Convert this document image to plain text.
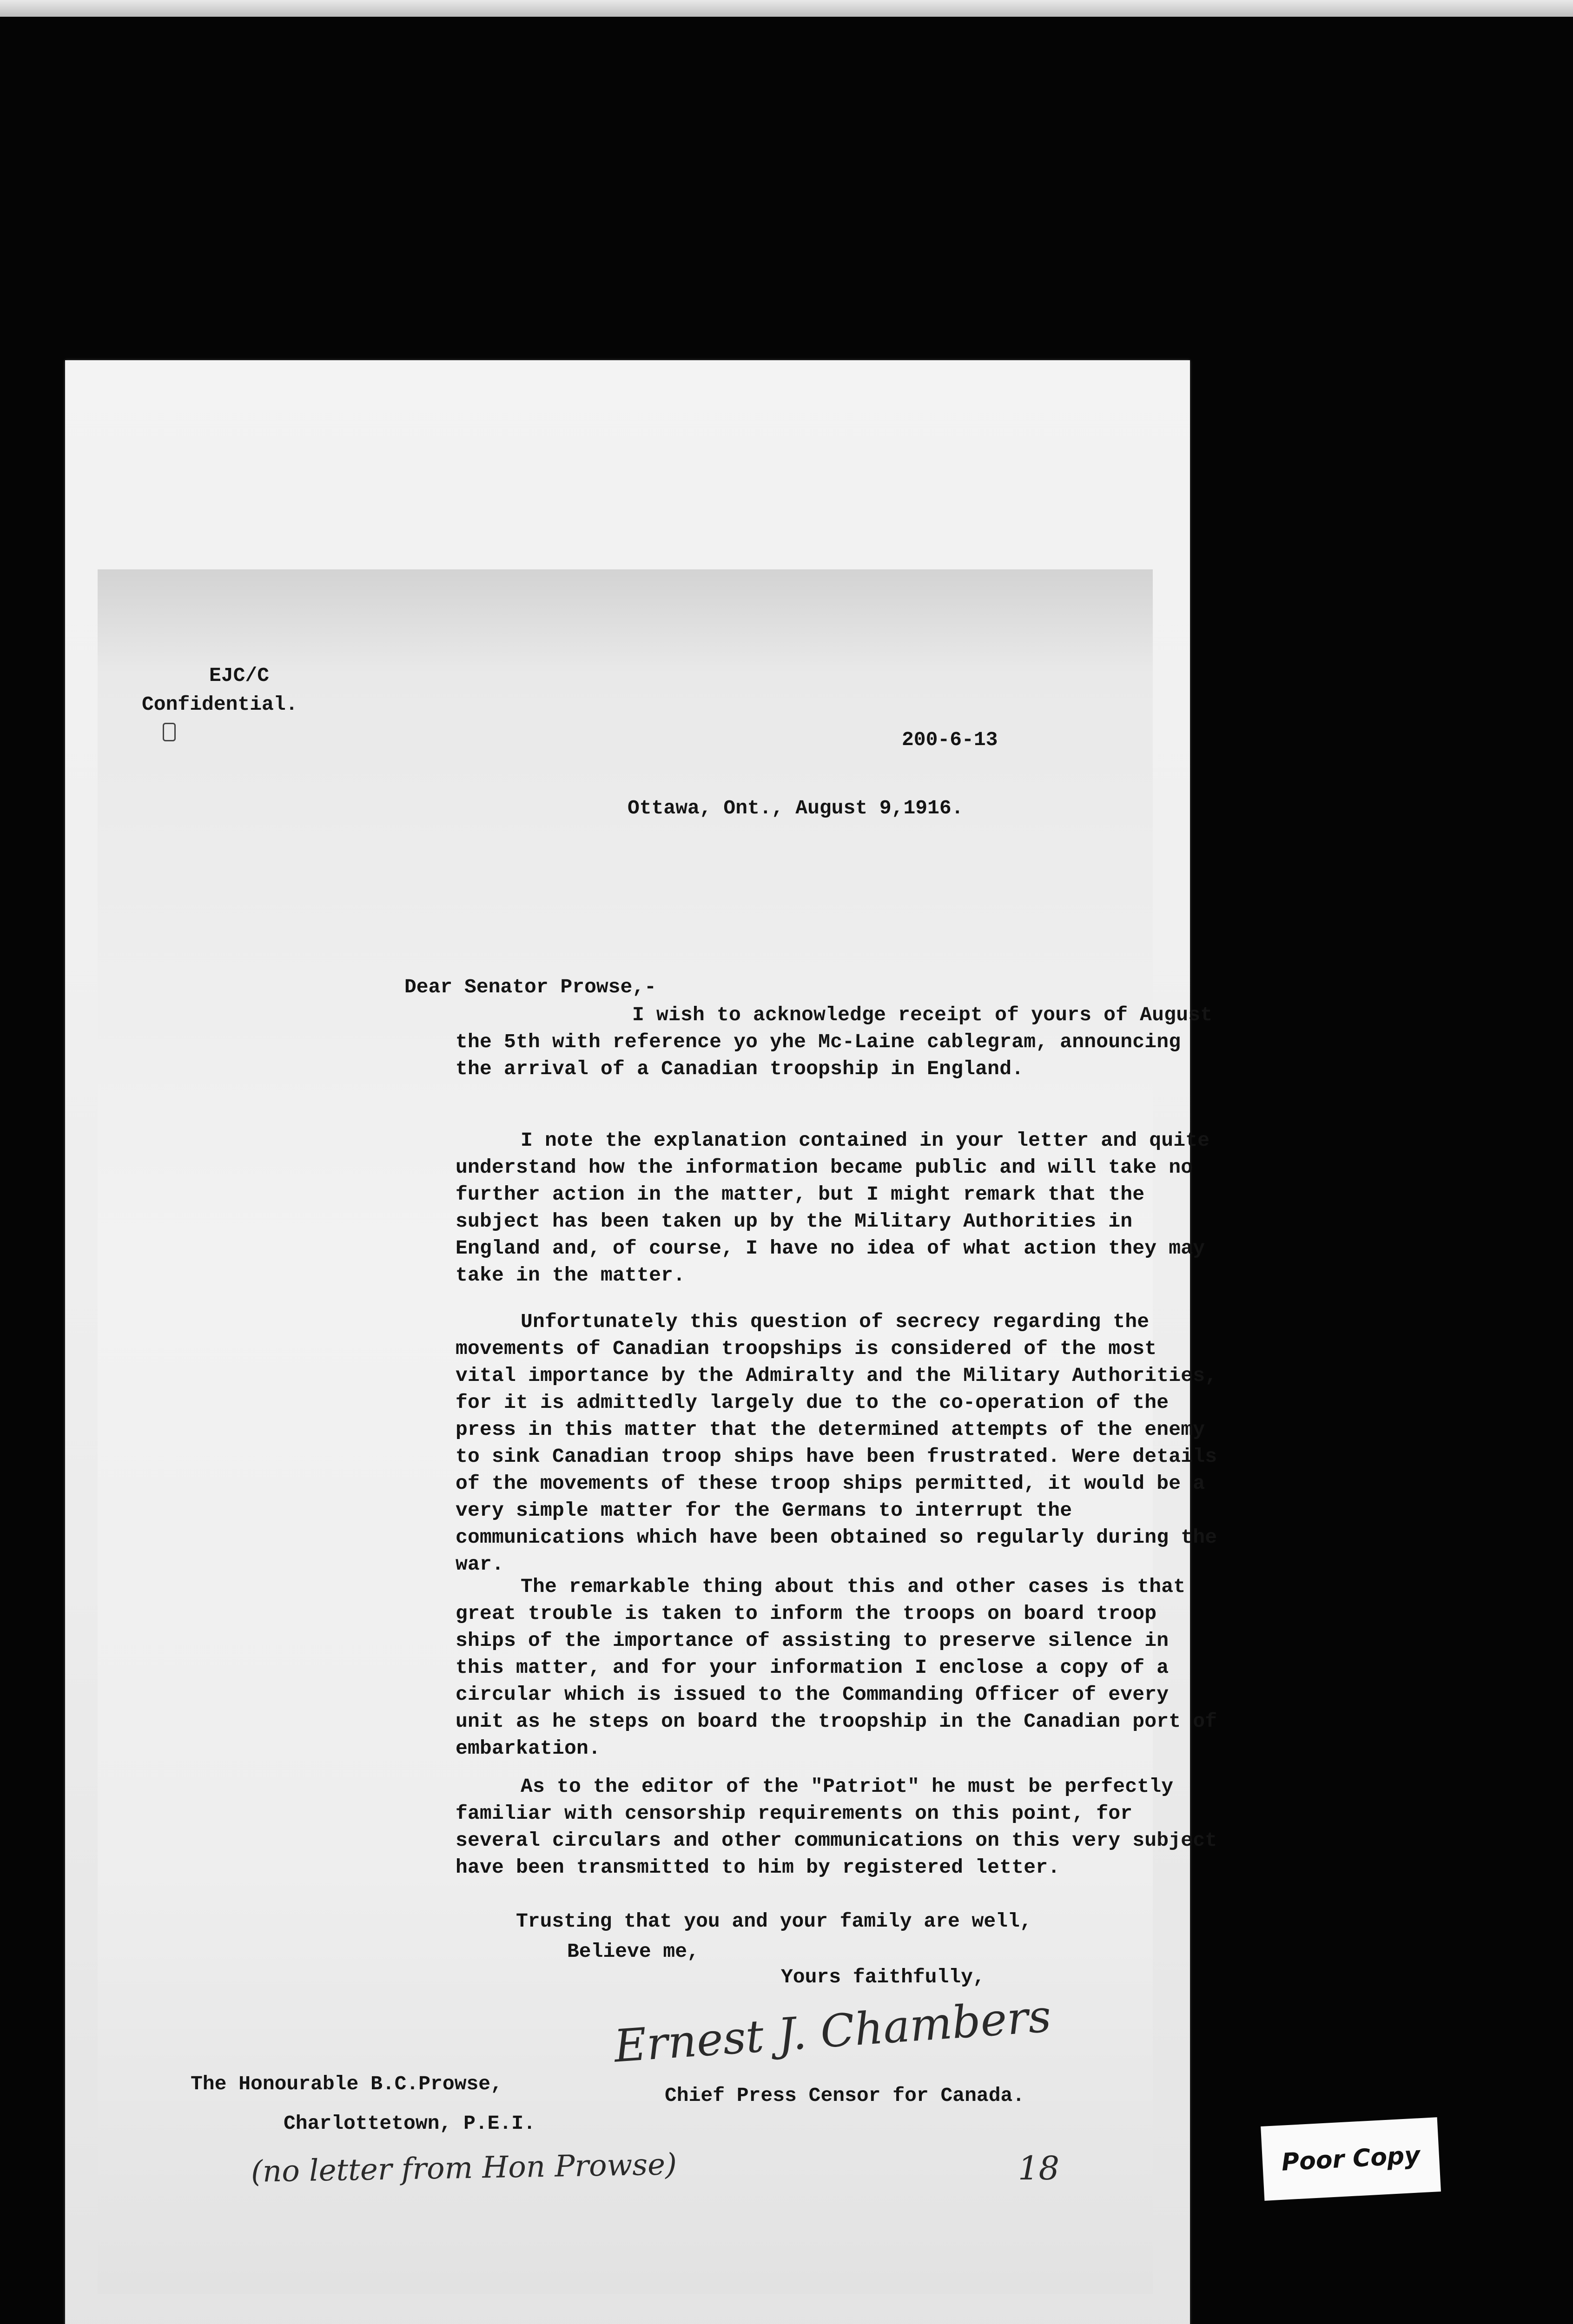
EJC/C
Confidential.
200-6-13
Ottawa, Ont., August 9,1916.
Dear Senator Prowse,-
I wish to acknowledge receipt of yours of August the 5th with reference yo yhe Mc-Laine cablegram, announcing the arrival of a Canadian troopship in England.
I note the explanation contained in your letter and quite understand how the information became public and will take no further action in the matter, but I might remark that the subject has been taken up by the Military Authorities in England and, of course, I have no idea of what action they may take in the matter.
Unfortunately this question of secrecy regarding the movements of Canadian troopships is considered of the most vital importance by the Admiralty and the Military Authorities, for it is admittedly largely due to the co-operation of the press in this matter that the determined attempts of the enemy to sink Canadian troop ships have been frustrated. Were details of the movements of these troop ships permitted, it would be a very simple matter for the Germans to interrupt the communications which have been obtained so regularly during the war.
The remarkable thing about this and other cases is that great trouble is taken to inform the troops on board troop ships of the importance of assisting to preserve silence in this matter, and for your information I enclose a copy of a circular which is issued to the Commanding Officer of every unit as he steps on board the troopship in the Canadian port of embarkation.
As to the editor of the "Patriot" he must be perfectly familiar with censorship requirements on this point, for several circulars and other communications on this very subject have been transmitted to him by registered letter.
Trusting that you and your family are well,
Believe me,
Yours faithfully,
Ernest J. Chambers
The Honourable B.C.Prowse,
Chief Press Censor for Canada.
Charlottetown, P.E.I.
(no letter from Hon Prowse)	18	Poor Copy
